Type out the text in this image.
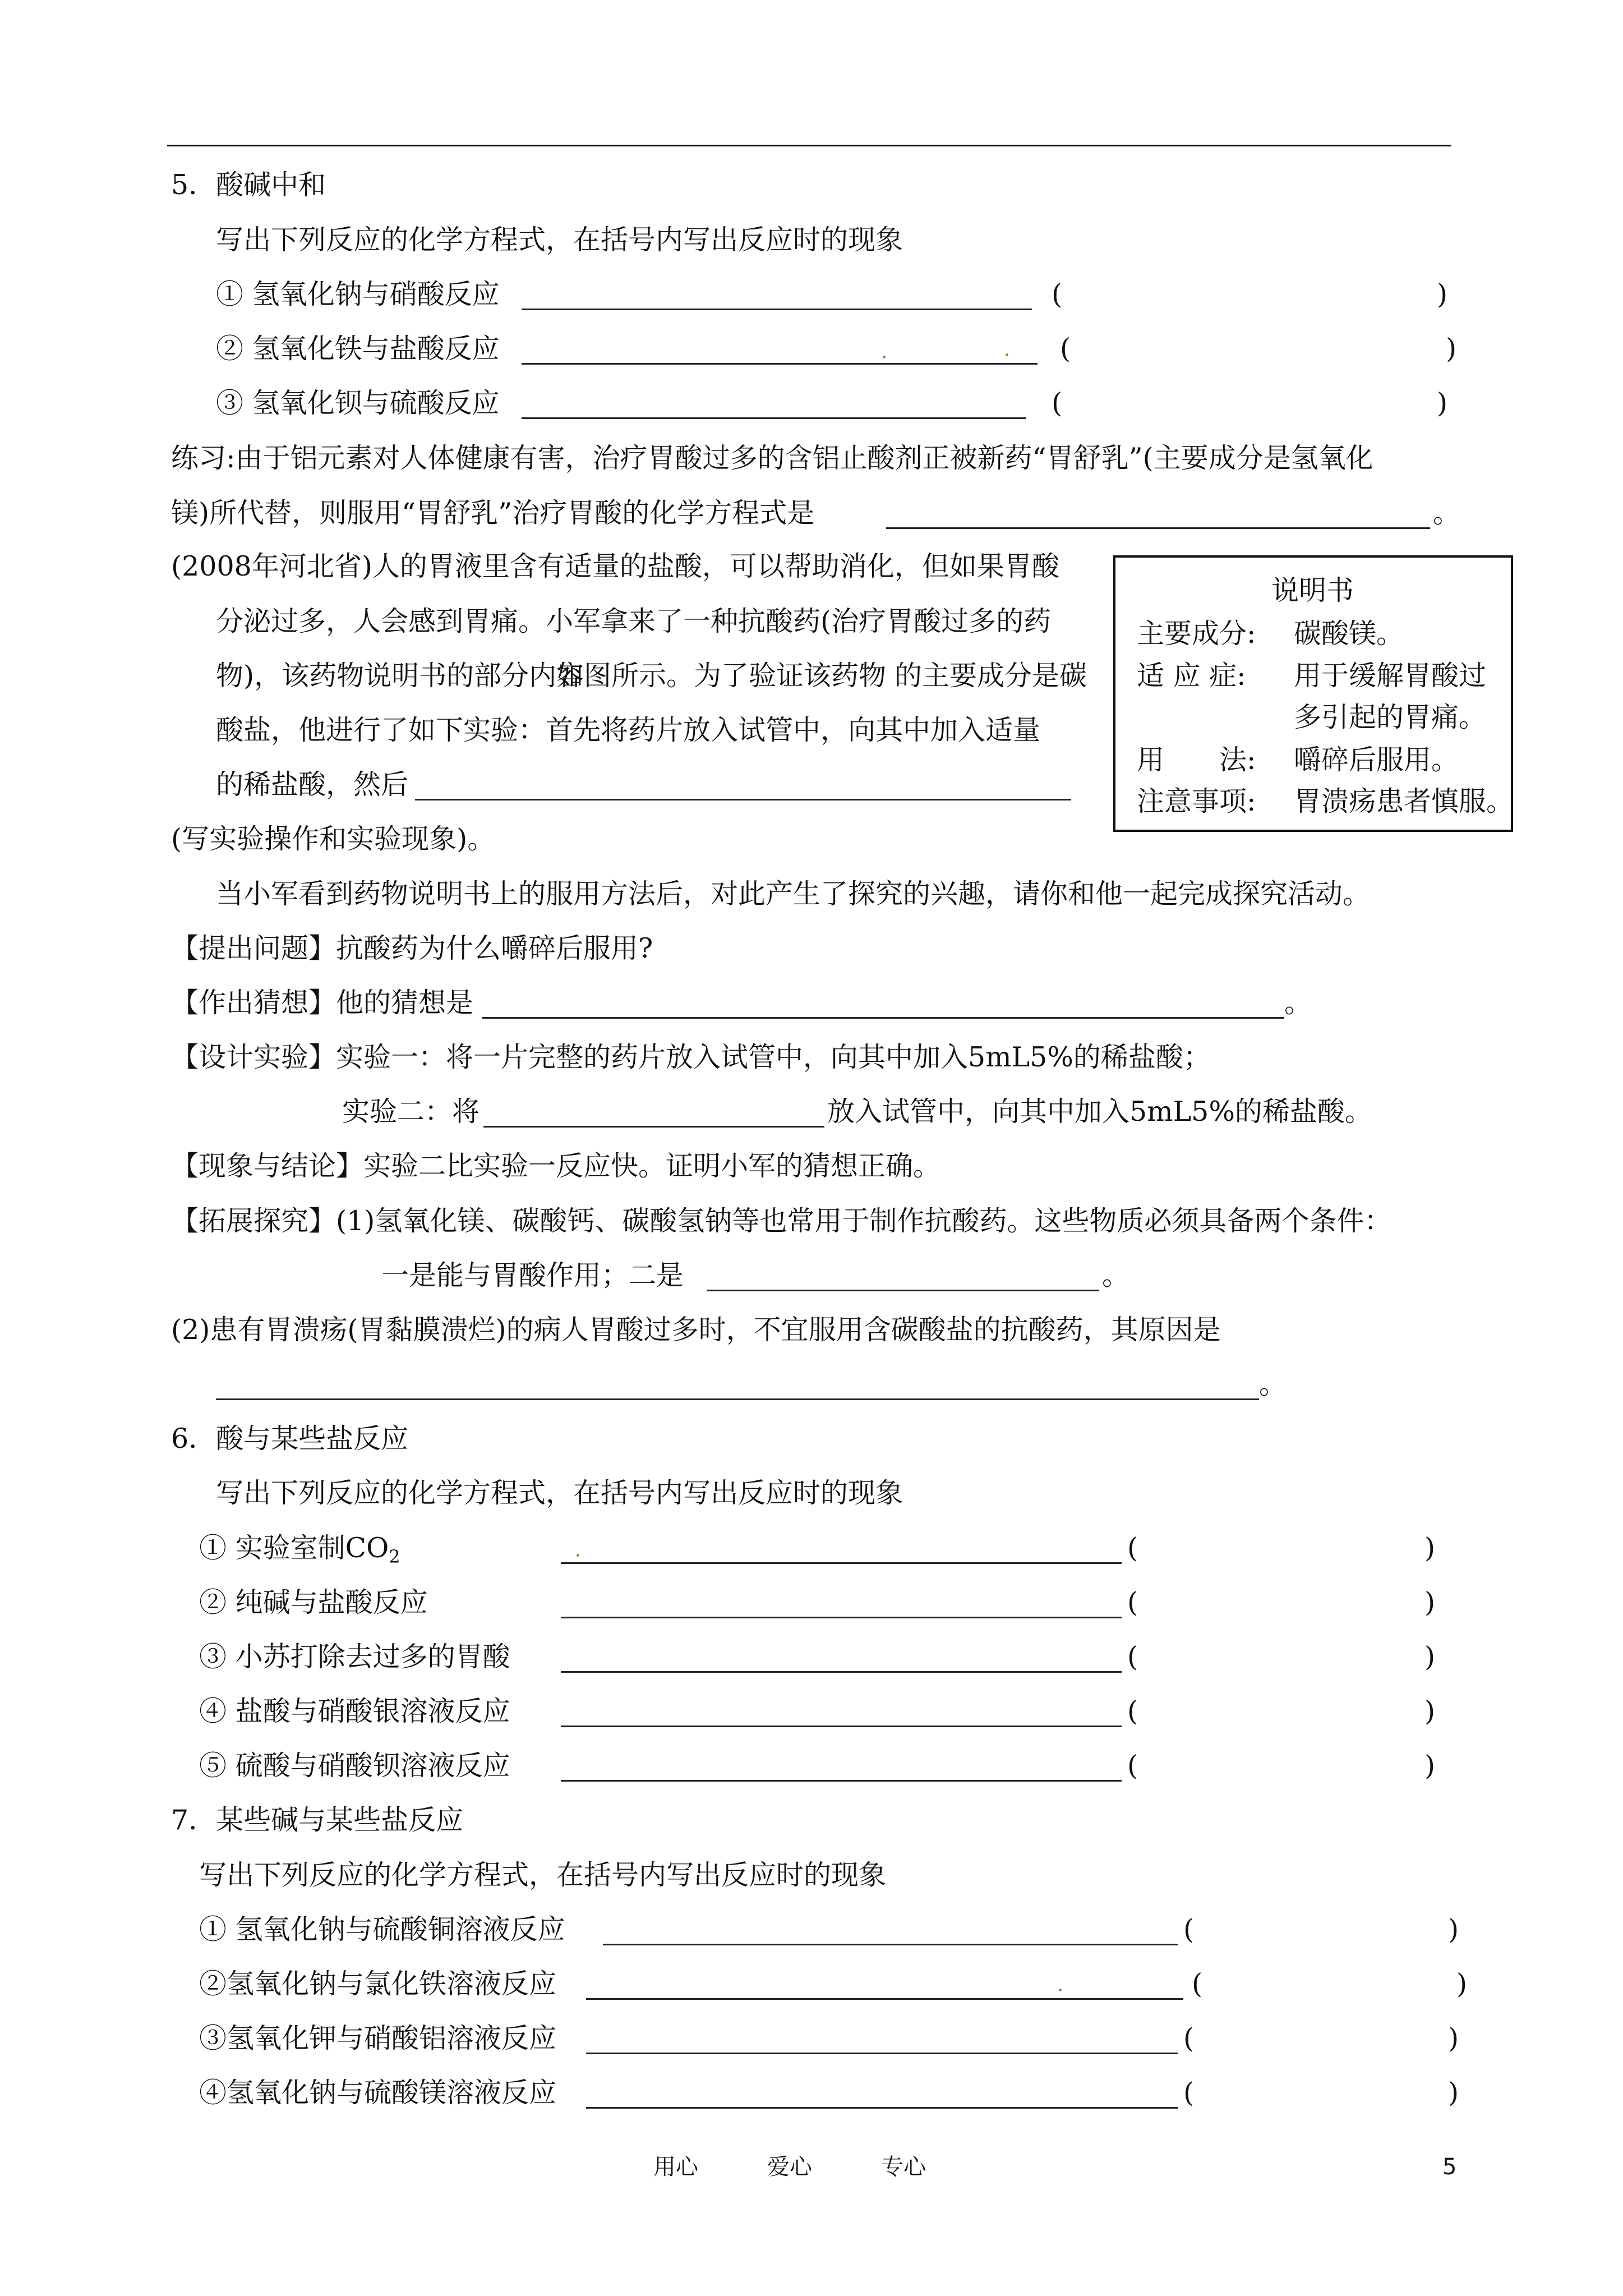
5．酸碱中和
写出下列反应的化学方程式，在括号内写出反应时的现象
① 氢氧化钠与硝酸反应	(	)
② 氢氧化铁与盐酸反应	(	)
③ 氢氧化钡与硫酸反应	(	)
练习:由于铝元素对人体健康有害，治疗胃酸过多的含铝止酸剂正被新药“胃舒乳”(主要成分是氢氧化
镁)所代替，则服用“胃舒乳”治疗胃酸的化学方程式是	。
(2008年河北省)人的胃液里含有适量的盐酸，可以帮助消化，但如果胃酸
分泌过多，人会感到胃痛。小军拿来了一种抗酸药(治疗胃酸过多的药
物)，该药物说明书的部分内容
如图所示。为了验证该药物 的主要成分是碳
酸盐，他进行了如下实验：首先将药片放入试管中，向其中加入适量
的稀盐酸，然后
(写实验操作和实验现象)。
当小军看到药物说明书上的服用方法后，对此产生了探究的兴趣，请你和他一起完成探究活动。
说明书
主要成分: 碳酸镁。
适 应 症: 用于缓解胃酸过
多引起的胃痛。
用　　法: 嚼碎后服用。
注意事项: 胃溃疡患者慎服。
【提出问题】抗酸药为什么嚼碎后服用?
【作出猜想】他的猜想是	。
【设计实验】实验一：将一片完整的药片放入试管中，向其中加入5mL5%的稀盐酸；
实验二：将	放入试管中，向其中加入5mL5%的稀盐酸。
【现象与结论】实验二比实验一反应快。证明小军的猜想正确。
【拓展探究】(1)氢氧化镁、碳酸钙、碳酸氢钠等也常用于制作抗酸药。这些物质必须具备两个条件：
一是能与胃酸作用；二是	。
(2)患有胃溃疡(胃黏膜溃烂)的病人胃酸过多时，不宜服用含碳酸盐的抗酸药，其原因是
。
6．酸与某些盐反应
写出下列反应的化学方程式，在括号内写出反应时的现象
① 实验室制$CO_2$	(	)
② 纯碱与盐酸反应	(	)
③ 小苏打除去过多的胃酸	(	)
④ 盐酸与硝酸银溶液反应	(	)
⑤ 硫酸与硝酸钡溶液反应	(	)
7．某些碱与某些盐反应
写出下列反应的化学方程式，在括号内写出反应时的现象
① 氢氧化钠与硫酸铜溶液反应	(	)
②氢氧化钠与氯化铁溶液反应	(	)
③氢氧化钾与硝酸铝溶液反应	(	)
④氢氧化钠与硫酸镁溶液反应	(	)
用心	爱心	专心	5
